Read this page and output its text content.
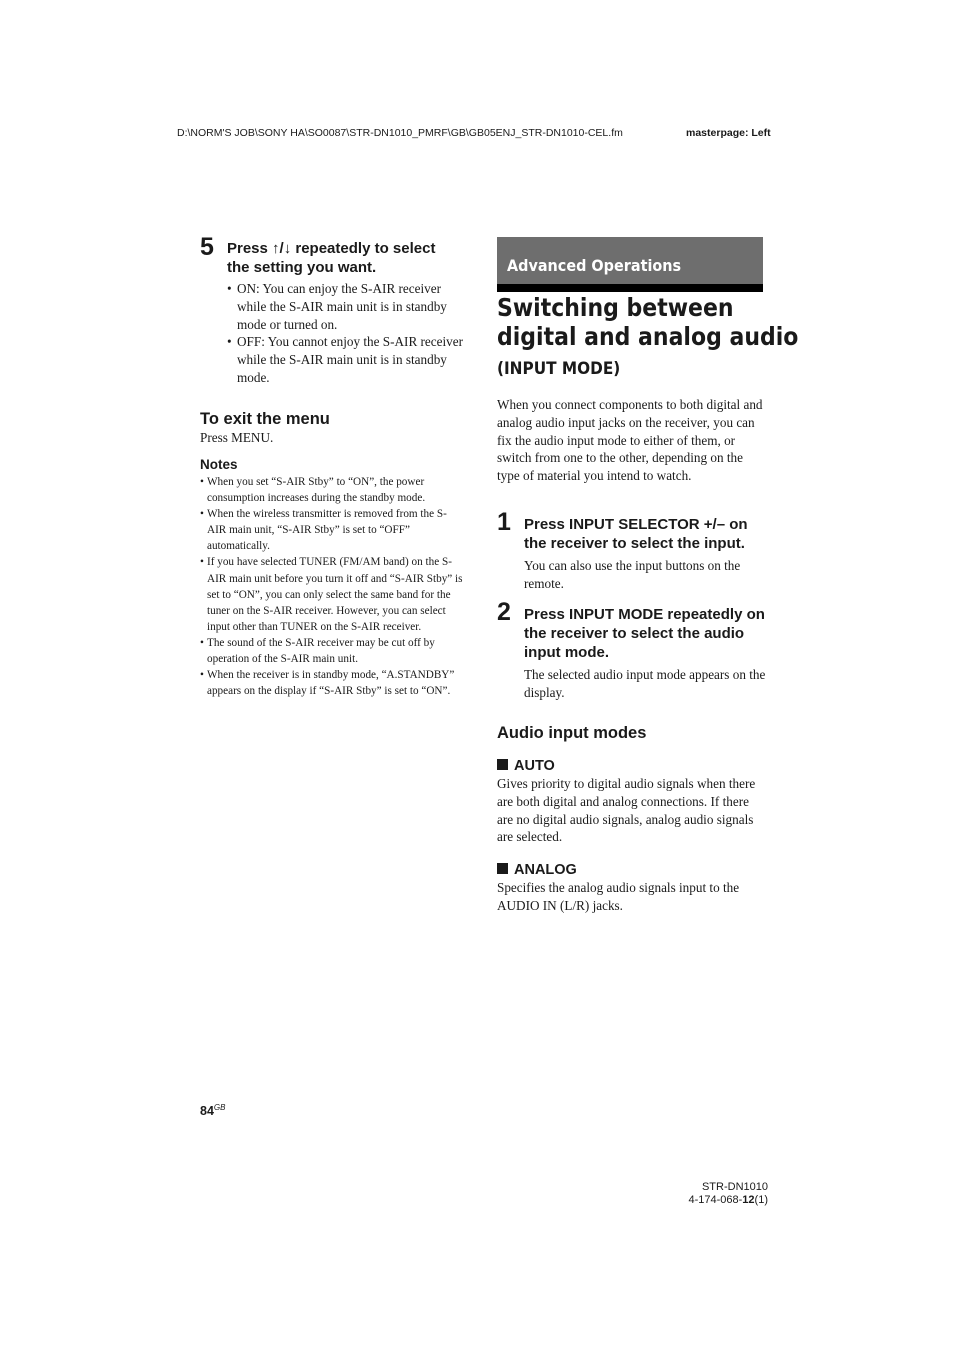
D:\NORM'S JOB\SONY HA\SO0087\STR-DN1010_PMRF\GB\GB05ENJ_STR-DN1010-CEL.fm	masterpage: Left
5 Press ↑/↓ repeatedly to select
the setting you want.
• ON: You can enjoy the S-AIR receiver while the S-AIR main unit is in standby mode or turned on.
• OFF: You cannot enjoy the S-AIR receiver while the S-AIR main unit is in standby mode.
To exit the menu
Press MENU.
Notes
• When you set “S-AIR Stby” to “ON”, the power consumption increases during the standby mode.
• When the wireless transmitter is removed from the S-AIR main unit, “S-AIR Stby” is set to “OFF” automatically.
• If you have selected TUNER (FM/AM band) on the S-AIR main unit before you turn it off and “S-AIR Stby” is set to “ON”, you can only select the same band for the tuner on the S-AIR receiver. However, you can select input other than TUNER on the S-AIR receiver.
• The sound of the S-AIR receiver may be cut off by operation of the S-AIR main unit.
• When the receiver is in standby mode, “A.STANDBY” appears on the display if “S-AIR Stby” is set to “ON”.
Advanced Operations
Switching between
digital and analog audio
(INPUT MODE)
When you connect components to both digital and analog audio input jacks on the receiver, you can fix the audio input mode to either of them, or switch from one to the other, depending on the type of material you intend to watch.
1 Press INPUT SELECTOR +/– on the receiver to select the input.
You can also use the input buttons on the remote.
2 Press INPUT MODE repeatedly on the receiver to select the audio input mode.
The selected audio input mode appears on the display.
Audio input modes
AUTO
Gives priority to digital audio signals when there are both digital and analog connections. If there are no digital audio signals, analog audio signals are selected.
ANALOG
Specifies the analog audio signals input to the AUDIO IN (L/R) jacks.
$84^{GB}$
STR-DN1010
4-174-068-12(1)
